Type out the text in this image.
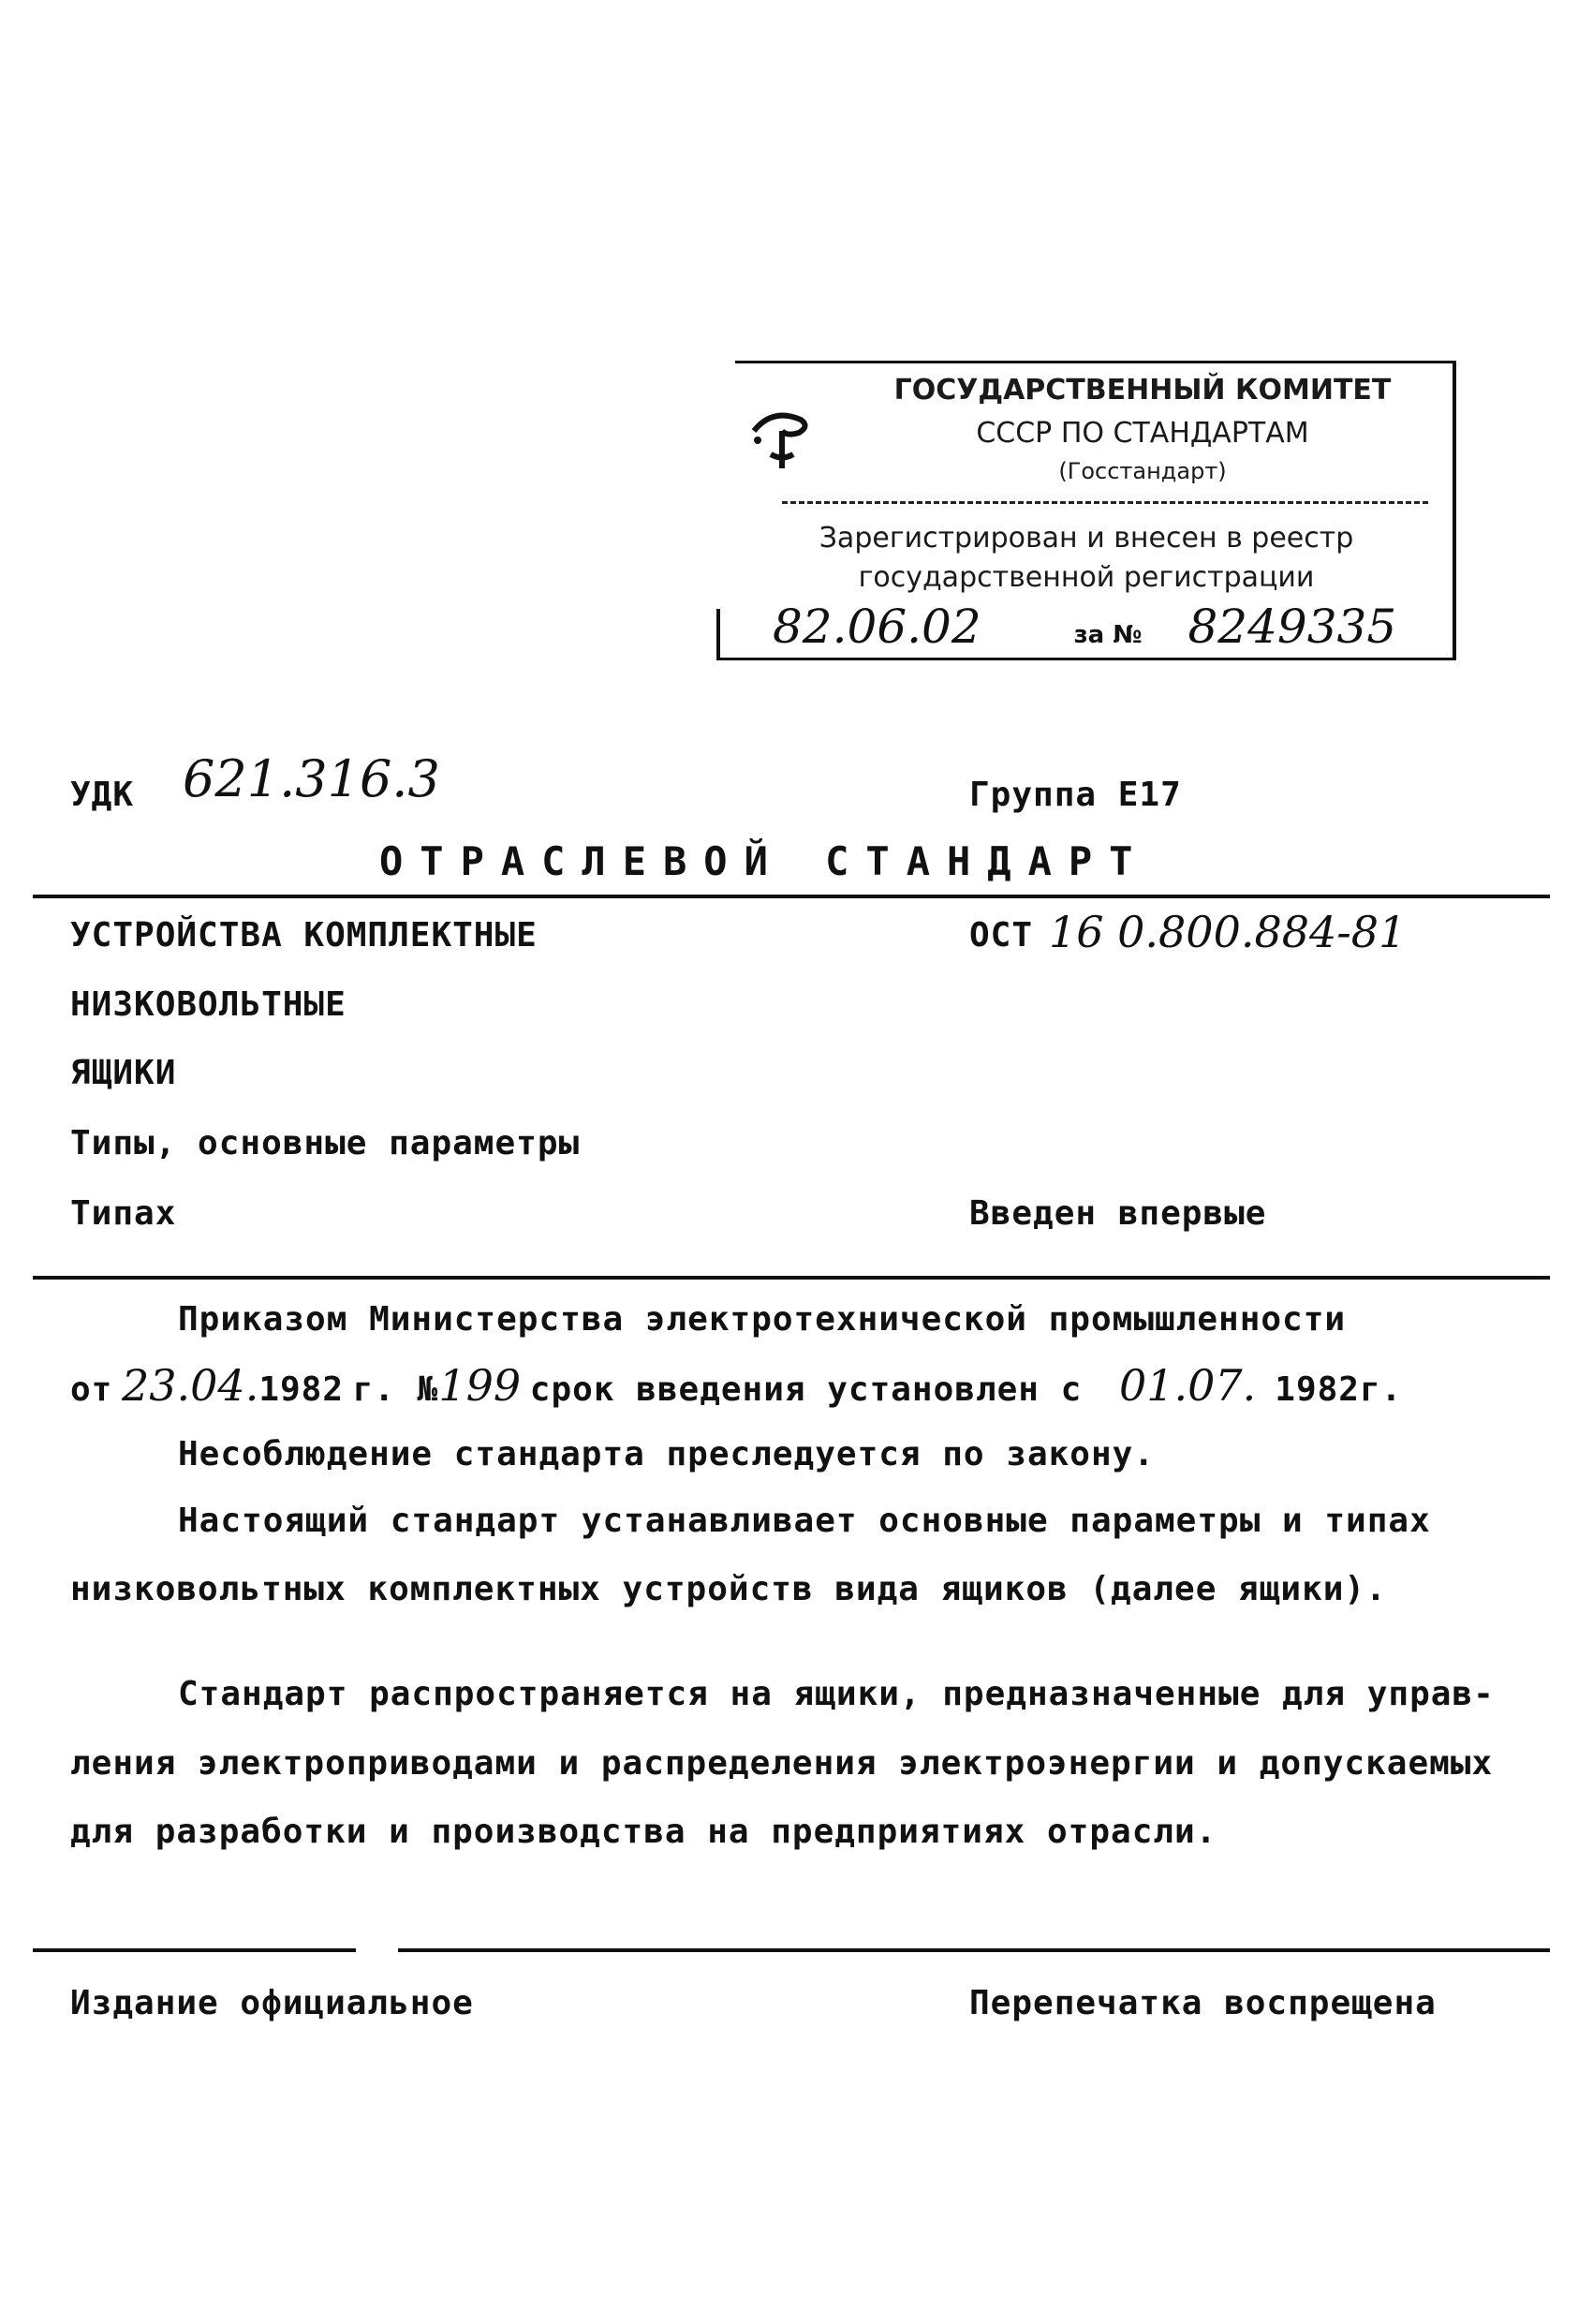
ГОСУДАРСТВЕННЫЙ КОМИТЕТ
СССР ПО СТАНДАРТАМ
(Госстандарт)
Зарегистрирован и внесен в реестр
государственной регистрации
82.06.02	за № 8249335
УДК 621.316.3	Группа Е17
ОТРАСЛЕВОЙ СТАНДАРТ
УСТРОЙСТВА КОМПЛЕКТНЫЕ
НИЗКОВОЛЬТНЫЕ
ЯЩИКИ
Типы, основные параметры
Типах
ОСТ 16 0.800.884-81
Введен впервые
Приказом Министерства электротехнической промышленности
от 23.04.1982 г. №199 срок введения установлен с 01.07. 1982г.
Несоблюдение стандарта преследуется по закону.
Настоящий стандарт устанавливает основные параметры и типах
низковольтных комплектных устройств вида ящиков (далее ящики).
Стандарт распространяется на ящики, предназначенные для управ-
ления электроприводами и распределения электроэнергии и допускаемых
для разработки и производства на предприятиях отрасли.
Издание официальное	Перепечатка воспрещена
